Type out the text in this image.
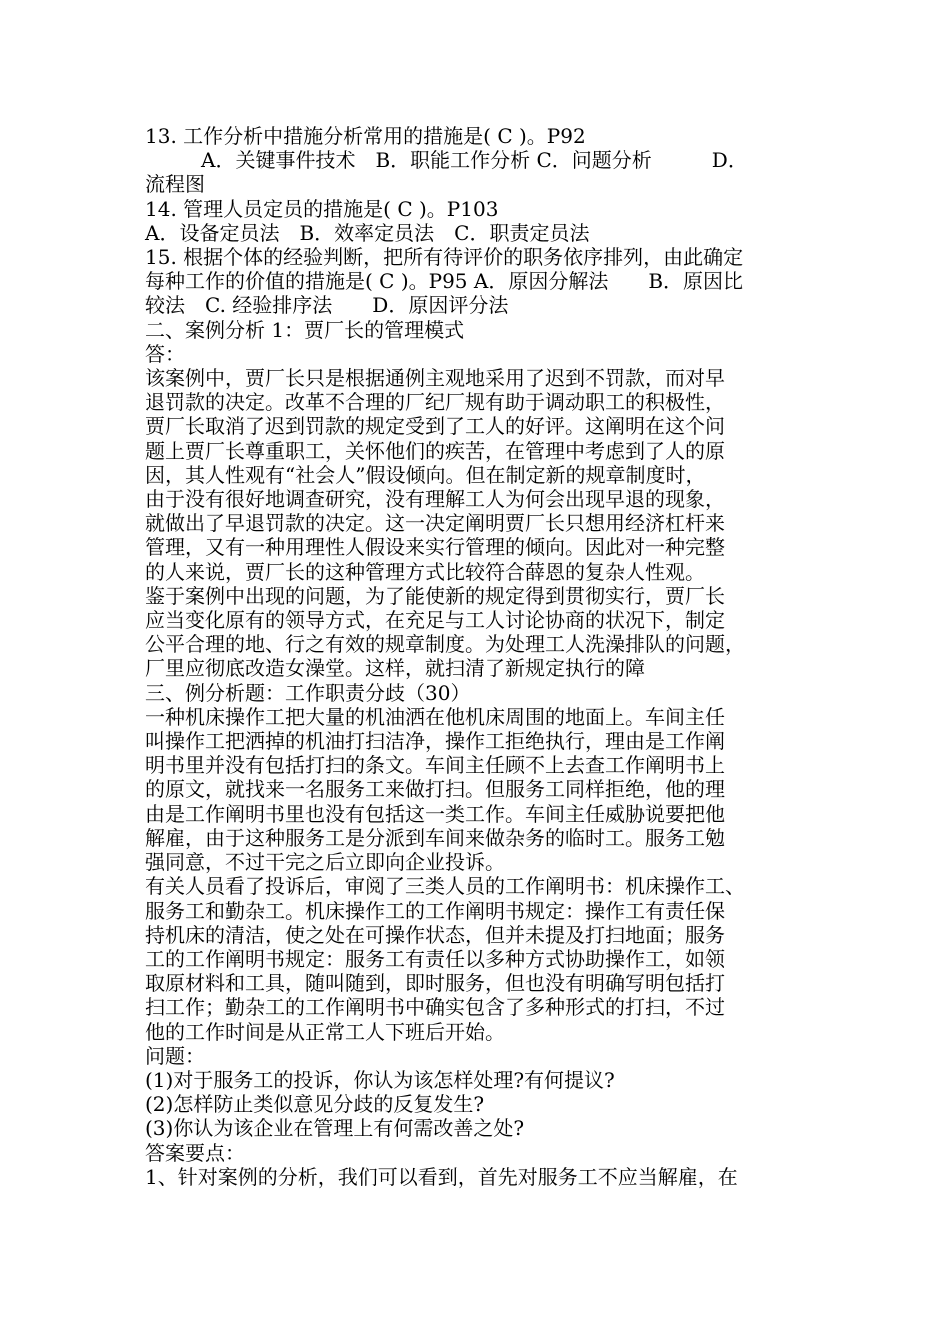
13. 工作分析中措施分析常用的措施是( C )。P92
A．关键事件技术　B．职能工作分析 C．问题分析　　　D．
流程图
14. 管理人员定员的措施是( C )。P103
A．设备定员法　B．效率定员法　C．职责定员法
15. 根据个体的经验判断，把所有待评价的职务依序排列，由此确定
每种工作的价值的措施是( C )。P95 A．原因分解法　　B．原因比
较法　C. 经验排序法　　D．原因评分法
二、案例分析 1：贾厂长的管理模式
答：
该案例中，贾厂长只是根据通例主观地采用了迟到不罚款，而对早
退罚款的决定。改革不合理的厂纪厂规有助于调动职工的积极性，
贾厂长取消了迟到罚款的规定受到了工人的好评。这阐明在这个问
题上贾厂长尊重职工，关怀他们的疾苦，在管理中考虑到了人的原
因，其人性观有“社会人”假设倾向。但在制定新的规章制度时，
由于没有很好地调查研究，没有理解工人为何会出现早退的现象，
就做出了早退罚款的决定。这一决定阐明贾厂长只想用经济杠杆来
管理，又有一种用理性人假设来实行管理的倾向。因此对一种完整
的人来说，贾厂长的这种管理方式比较符合薛恩的复杂人性观。
鉴于案例中出现的问题，为了能使新的规定得到贯彻实行，贾厂长
应当变化原有的领导方式，在充足与工人讨论协商的状况下，制定
公平合理的地、行之有效的规章制度。为处理工人洗澡排队的问题，
厂里应彻底改造女澡堂。这样，就扫清了新规定执行的障
三、例分析题：工作职责分歧（30）
一种机床操作工把大量的机油洒在他机床周围的地面上。车间主任
叫操作工把洒掉的机油打扫洁净，操作工拒绝执行，理由是工作阐
明书里并没有包括打扫的条文。车间主任顾不上去查工作阐明书上
的原文，就找来一名服务工来做打扫。但服务工同样拒绝，他的理
由是工作阐明书里也没有包括这一类工作。车间主任威胁说要把他
解雇，由于这种服务工是分派到车间来做杂务的临时工。服务工勉
强同意，不过干完之后立即向企业投诉。
有关人员看了投诉后，审阅了三类人员的工作阐明书：机床操作工、
服务工和勤杂工。机床操作工的工作阐明书规定：操作工有责任保
持机床的清洁，使之处在可操作状态，但并未提及打扫地面；服务
工的工作阐明书规定：服务工有责任以多种方式协助操作工，如领
取原材料和工具，随叫随到，即时服务，但也没有明确写明包括打
扫工作；勤杂工的工作阐明书中确实包含了多种形式的打扫，不过
他的工作时间是从正常工人下班后开始。
问题：
(1)对于服务工的投诉，你认为该怎样处理?有何提议?
(2)怎样防止类似意见分歧的反复发生?
(3)你认为该企业在管理上有何需改善之处?
答案要点：
1、针对案例的分析，我们可以看到，首先对服务工不应当解雇，在
